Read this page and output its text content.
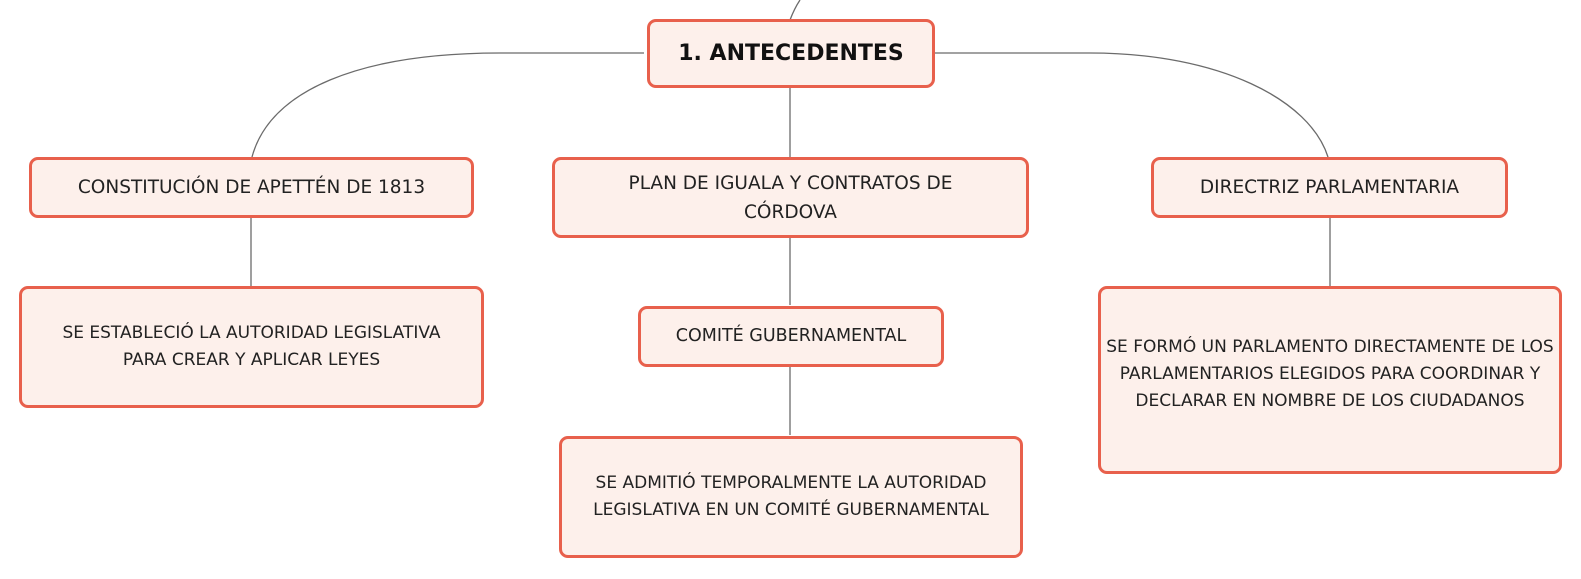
1. ANTECEDENTES
CONSTITUCIÓN DE APETTÉN DE 1813	PLAN DE IGUALA Y CONTRATOS DE CÓRDOVA
DIRECTRIZ PARLAMENTARIA
SE ESTABLECIÓ LA AUTORIDAD LEGISLATIVA PARA CREAR Y APLICAR LEYES
COMITÉ GUBERNAMENTAL
SE ADMITIÓ TEMPORALMENTE LA AUTORIDAD LEGISLATIVA EN UN COMITÉ GUBERNAMENTAL
SE FORMÓ UN PARLAMENTO DIRECTAMENTE DE LOS PARLAMENTARIOS ELEGIDOS PARA COORDINAR Y DECLARAR EN NOMBRE DE LOS CIUDADANOS
